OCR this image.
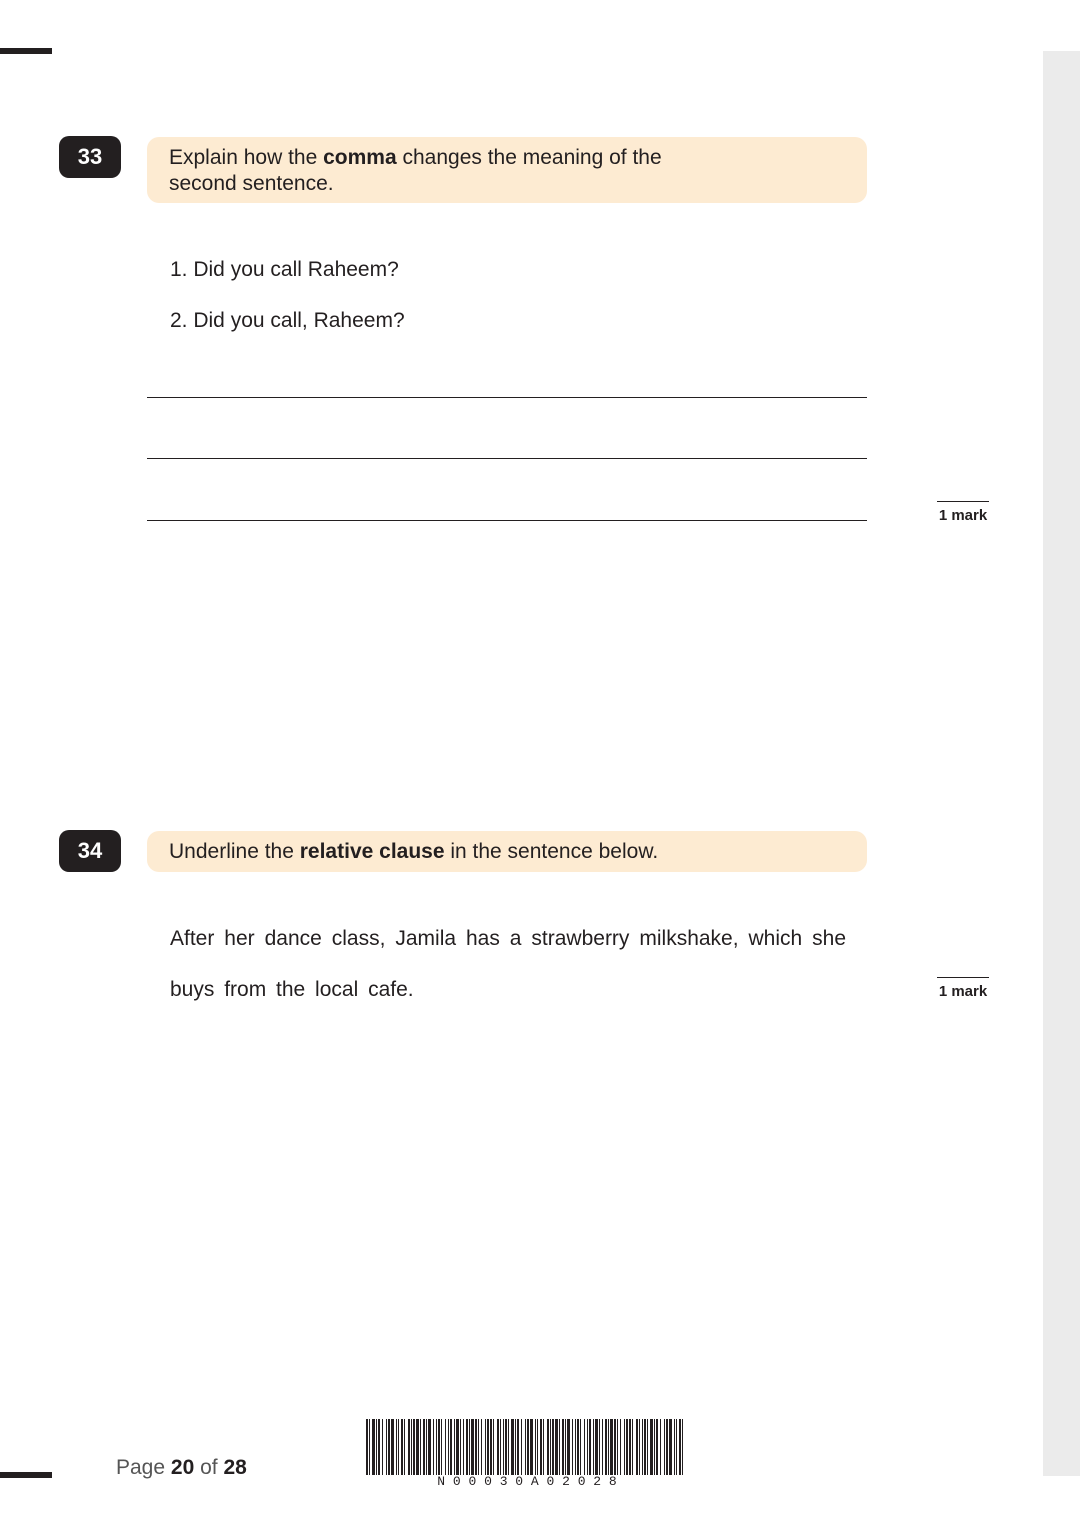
33	Explain how the comma changes the meaning of the
second sentence.
1. Did you call Raheem?
2. Did you call, Raheem?
1 mark
34	Underline the relative clause in the sentence below.
After her dance class, Jamila has a strawberry milkshake, which she buys from the local cafe.	1 mark
Page 20 of 28
N 0 0 0 3 0 A 0 2 0 2 8
